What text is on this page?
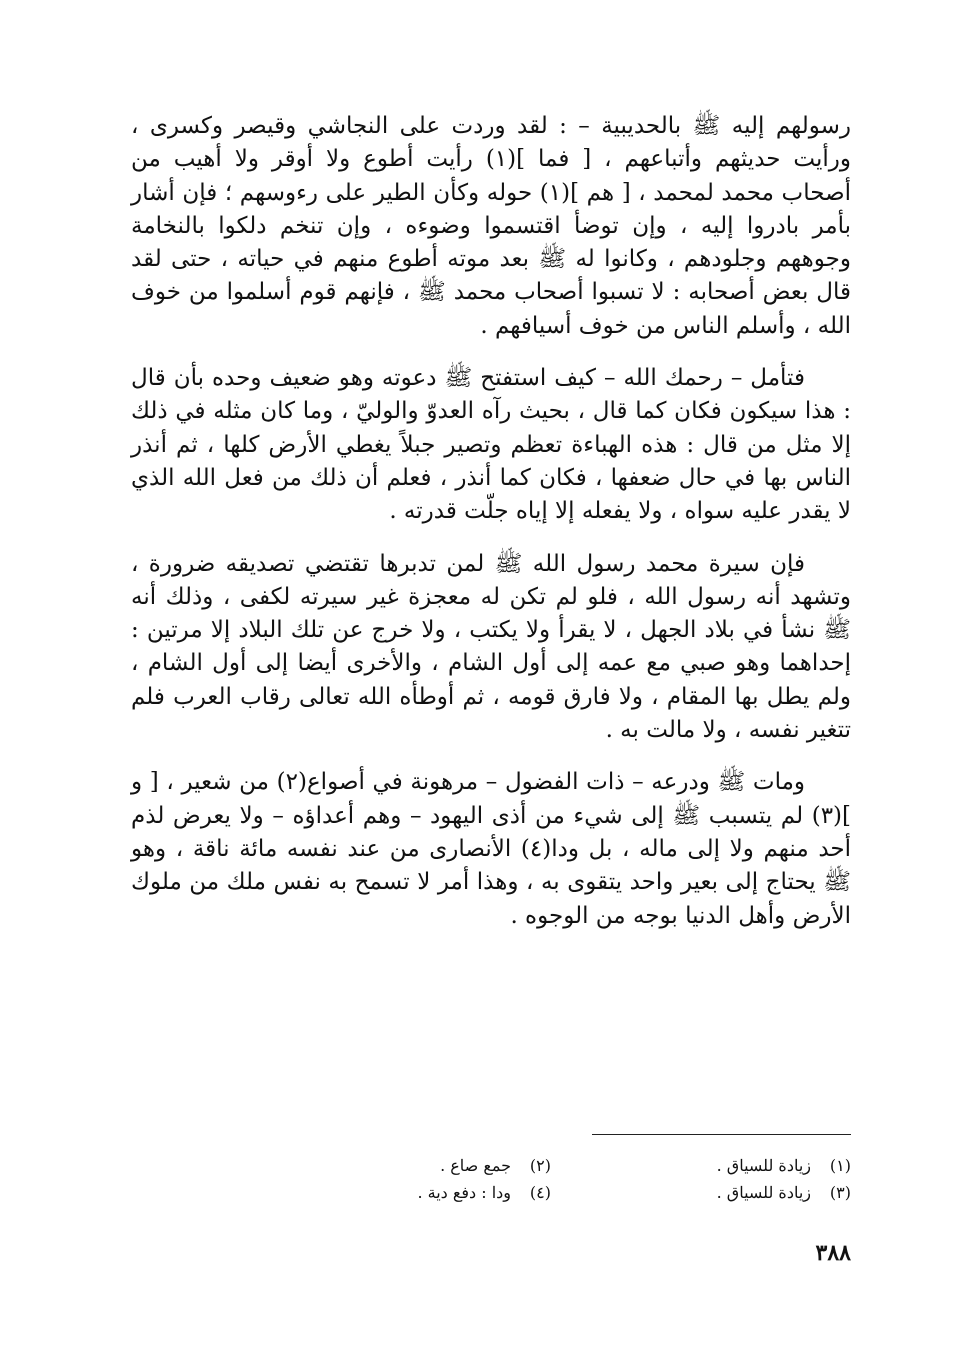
رسولهم إليه ﷺ بالحديبية – : لقد وردت على النجاشي وقيصر وكسرى ، ورأيت حديثهم وأتباعهم ، [ فما ](١) رأيت أطوع ولا أوقر ولا أهيب من أصحاب محمد لمحمد ، [ هم ](١) حوله وكأن الطير على رءوسهم ؛ فإن أشار بأمر بادروا إليه ، وإن توضأ اقتسموا وضوءه ، وإن تنخم دلكوا بالنخامة وجوههم وجلودهم ، وكانوا له ﷺ بعد موته أطوع منهم في حياته ، حتى لقد قال بعض أصحابه : لا تسبوا أصحاب محمد ﷺ ، فإنهم قوم أسلموا من خوف الله ، وأسلم الناس من خوف أسيافهم .

فتأمل – رحمك الله – كيف استفتح ﷺ دعوته وهو ضعيف وحده بأن قال : هذا سيكون فكان كما قال ، بحيث رآه العدوّ والوليّ ، وما كان مثله في ذلك إلا مثل من قال : هذه الهباءة تعظم وتصير جبلاً يغطي الأرض كلها ، ثم أنذر الناس بها في حال ضعفها ، فكان كما أنذر ، فعلم أن ذلك من فعل الله الذي لا يقدر عليه سواه ، ولا يفعله إلا إياه جلّت قدرته .

فإن سيرة محمد رسول الله ﷺ لمن تدبرها تقتضي تصديقه ضرورة ، وتشهد أنه رسول الله ، فلو لم تكن له معجزة غير سيرته لكفى ، وذلك أنه ﷺ نشأ في بلاد الجهل ، لا يقرأ ولا يكتب ، ولا خرج عن تلك البلاد إلا مرتين : إحداهما وهو صبي مع عمه إلى أول الشام ، والأخرى أيضا إلى أول الشام ، ولم يطل بها المقام ، ولا فارق قومه ، ثم أوطأه الله تعالى رقاب العرب فلم تتغير نفسه ، ولا مالت به .

ومات ﷺ ودرعه – ذات الفضول – مرهونة في أصواع(٢) من شعير ، [ و ](٣) لم يتسبب ﷺ إلى شيء من أذى اليهود – وهم أعداؤه – ولا يعرض لذم أحد منهم ولا إلى ماله ، بل ودا(٤) الأنصارى من عند نفسه مائة ناقة ، وهو ﷺ يحتاج إلى بعير واحد يتقوى به ، وهذا أمر لا تسمح به نفس ملك من ملوك الأرض وأهل الدنيا بوجه من الوجوه .

(١)
زيادة للسياق .
(٢)
جمع صاع .
(٣)
زيادة للسياق .
(٤)
ودا : دفع دية .
٣٨٨
